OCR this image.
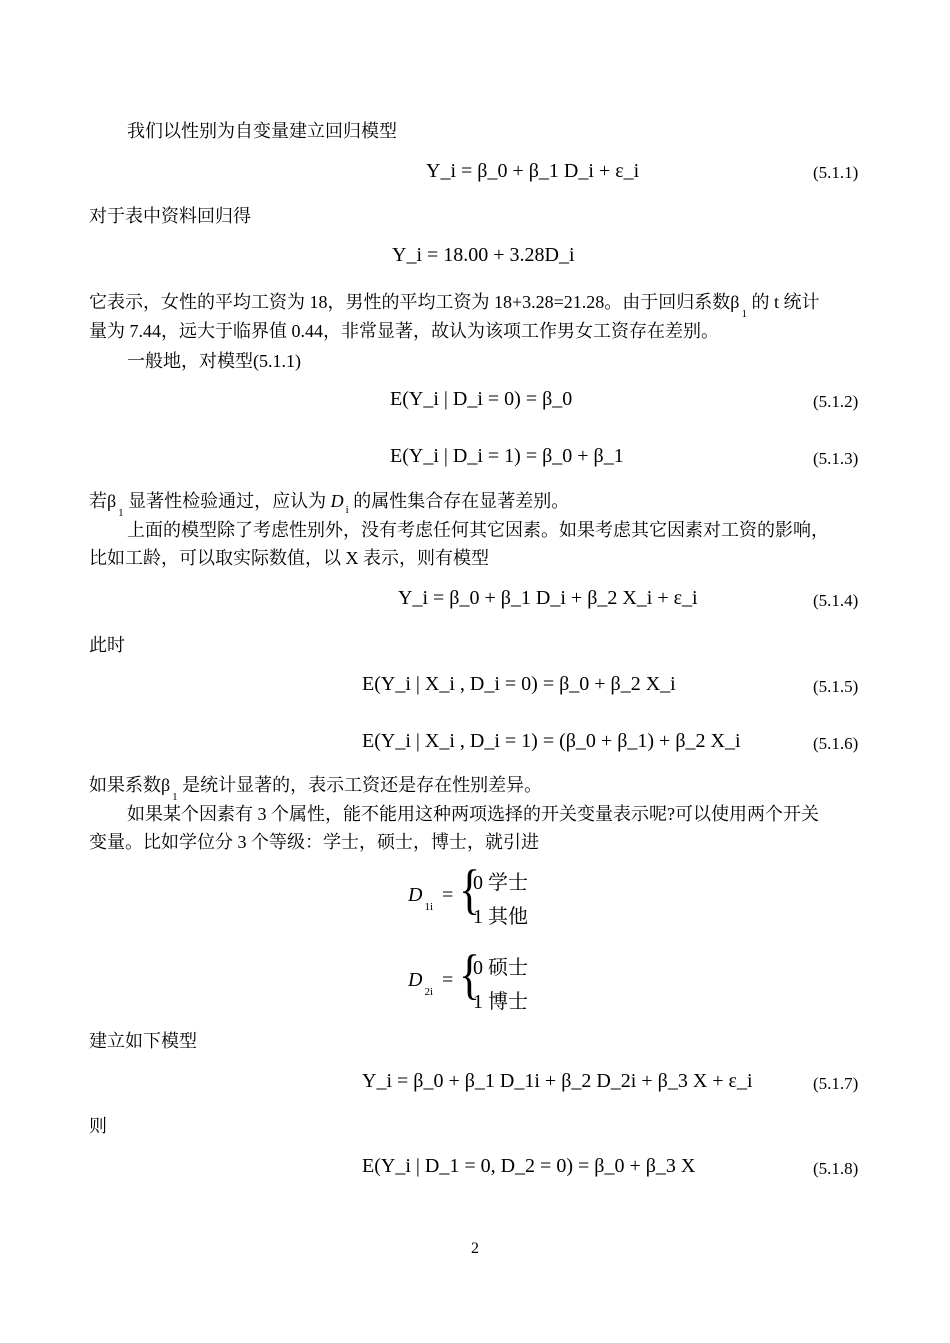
我们以性别为自变量建立回归模型
Y_i = β_0 + β_1 D_i + ε_i	(5.1.1)
对于表中资料回归得
Y_i = 18.00 + 3.28D_i
它表示，女性的平均工资为 18，男性的平均工资为 18+3.28=21.28。由于回归系数$\beta_1$ 的 t 统计
量为 7.44，远大于临界值 0.44，非常显著，故认为该项工作男女工资存在差别。
一般地，对模型(5.1.1)
E(Y_i | D_i = 0) = β_0	(5.1.2)
E(Y_i | D_i = 1) = β_0 + β_1	(5.1.3)
若$\beta_1$ 显著性检验通过，应认为 D $_i$ 的属性集合存在显著差别。
上面的模型除了考虑性别外，没有考虑任何其它因素。如果考虑其它因素对工资的影响，
比如工龄，可以取实际数值，以 X 表示，则有模型
Y_i = β_0 + β_1 D_i + β_2 X_i + ε_i	(5.1.4)
此时
E(Y_i | X_i , D_i = 0) = β_0 + β_2 X_i	(5.1.5)
E(Y_i | X_i , D_i = 1) = (β_0 + β_1) + β_2 X_i	(5.1.6)
如果系数$\beta_1$ 是统计显著的，表示工资还是存在性别差异。
如果某个因素有 3 个属性，能不能用这种两项选择的开关变量表示呢?可以使用两个开关
变量。比如学位分 3 个等级：学士，硕士，博士，就引进
$D_{1i}$
= {
0 学士
1 其他
$D_{2i}$
= {
0 硕士
1 博士
建立如下模型
Y_i = β_0 + β_1 D_1i + β_2 D_2i + β_3 X + ε_i	(5.1.7)
则
E(Y_i | D_1 = 0, D_2 = 0) = β_0 + β_3 X	(5.1.8)
2
